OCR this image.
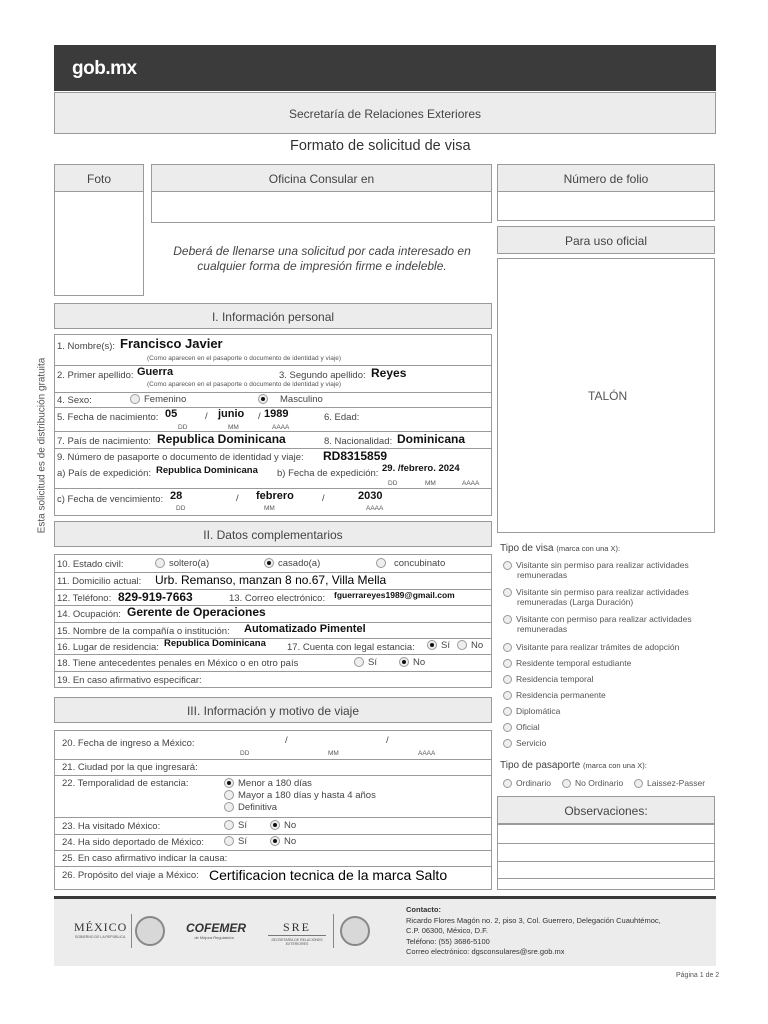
gob.mx
Secretaría de Relaciones Exteriores
Formato de solicitud de visa
Foto	Oficina Consular en
Deberá de llenarse una solicitud por cada interesado en cualquier forma de impresión firme e indeleble.
Número de folio
Para uso oficial
TALÓN
Esta solicitud es de distribución gratuita
I. Información personal
1. Nombre(s): Francisco Javier
(Como aparecen en el pasaporte o documento de identidad y viaje)
2. Primer apellido: Guerra	3. Segundo apellido: Reyes
(Como aparecen en el pasaporte o documento de identidad y viaje)
4. Sexo:	Femenino	Masculino
5. Fecha de nacimiento: 05	/ junio / 1989
DD	MM	AAAA
6. Edad:
7. País de nacimiento: Republica Dominicana	8. Nacionalidad: Dominicana
9. Número de pasaporte o documento de identidad y viaje: RD8315859
a) País de expedición: Republica Dominicana b) Fecha de expedición: 29. /febrero. 2024
DD	MM	AAAA
c) Fecha de vencimiento: 28	/ febrero	/	2030
DD	MM	AAAA
II. Datos complementarios
10. Estado civil:	soltero(a)	casado(a)	concubinato
11. Domicilio actual: Urb. Remanso, manzan 8 no.67, Villa Mella
12. Teléfono: 829-919-7663	13. Correo electrónico: fguerrareyes1989@gmail.com
14. Ocupación: Gerente de Operaciones
15. Nombre de la compañía o institución: Automatizado Pimentel
16. Lugar de residencia: Republica Dominicana 17. Cuenta con legal estancia:	Sí	No
18. Tiene antecedentes penales en México o en otro país	Sí	No
19. En caso afirmativo especificar:
III. Información y motivo de viaje
20. Fecha de ingreso a México:	/	/
DD	MM	AAAA
21. Ciudad por la que ingresará:
22. Temporalidad de estancia:	Menor a 180 días
Mayor a 180 días y hasta 4 años
Definitiva
23. Ha visitado México:	Sí	No
24. Ha sido deportado de México:	Sí	No
25. En caso afirmativo indicar la causa:
26. Propósito del viaje a México: Certificacion tecnica de la marca Salto
Tipo de visa (marca con una X):
Visitante sin permiso para realizar actividades remuneradas
Visitante sin permiso para realizar actividades remuneradas (Larga Duración)
Visitante con permiso para realizar actividades remuneradas
Visitante para realizar trámites de adopción
Residente temporal estudiante
Residencia temporal
Residencia permanente
Diplomática
Oficial
Servicio
Tipo de pasaporte (marca con una X):
Ordinario	No Ordinario	Laissez-Passer
Observaciones:
MÉXICO
GOBIERNO DE LA REPÚBLICA
COFEMER
de Mejora Regulatoria
SRE
SECRETARÍA DE RELACIONES EXTERIORES
Contacto:
Ricardo Flores Magón no. 2, piso 3, Col. Guerrero, Delegación Cuauhtémoc,
C.P. 06300, México, D.F.
Teléfono: (55) 3686-5100
Correo electrónico: dgsconsulares@sre.gob.mx
Página 1 de 2
